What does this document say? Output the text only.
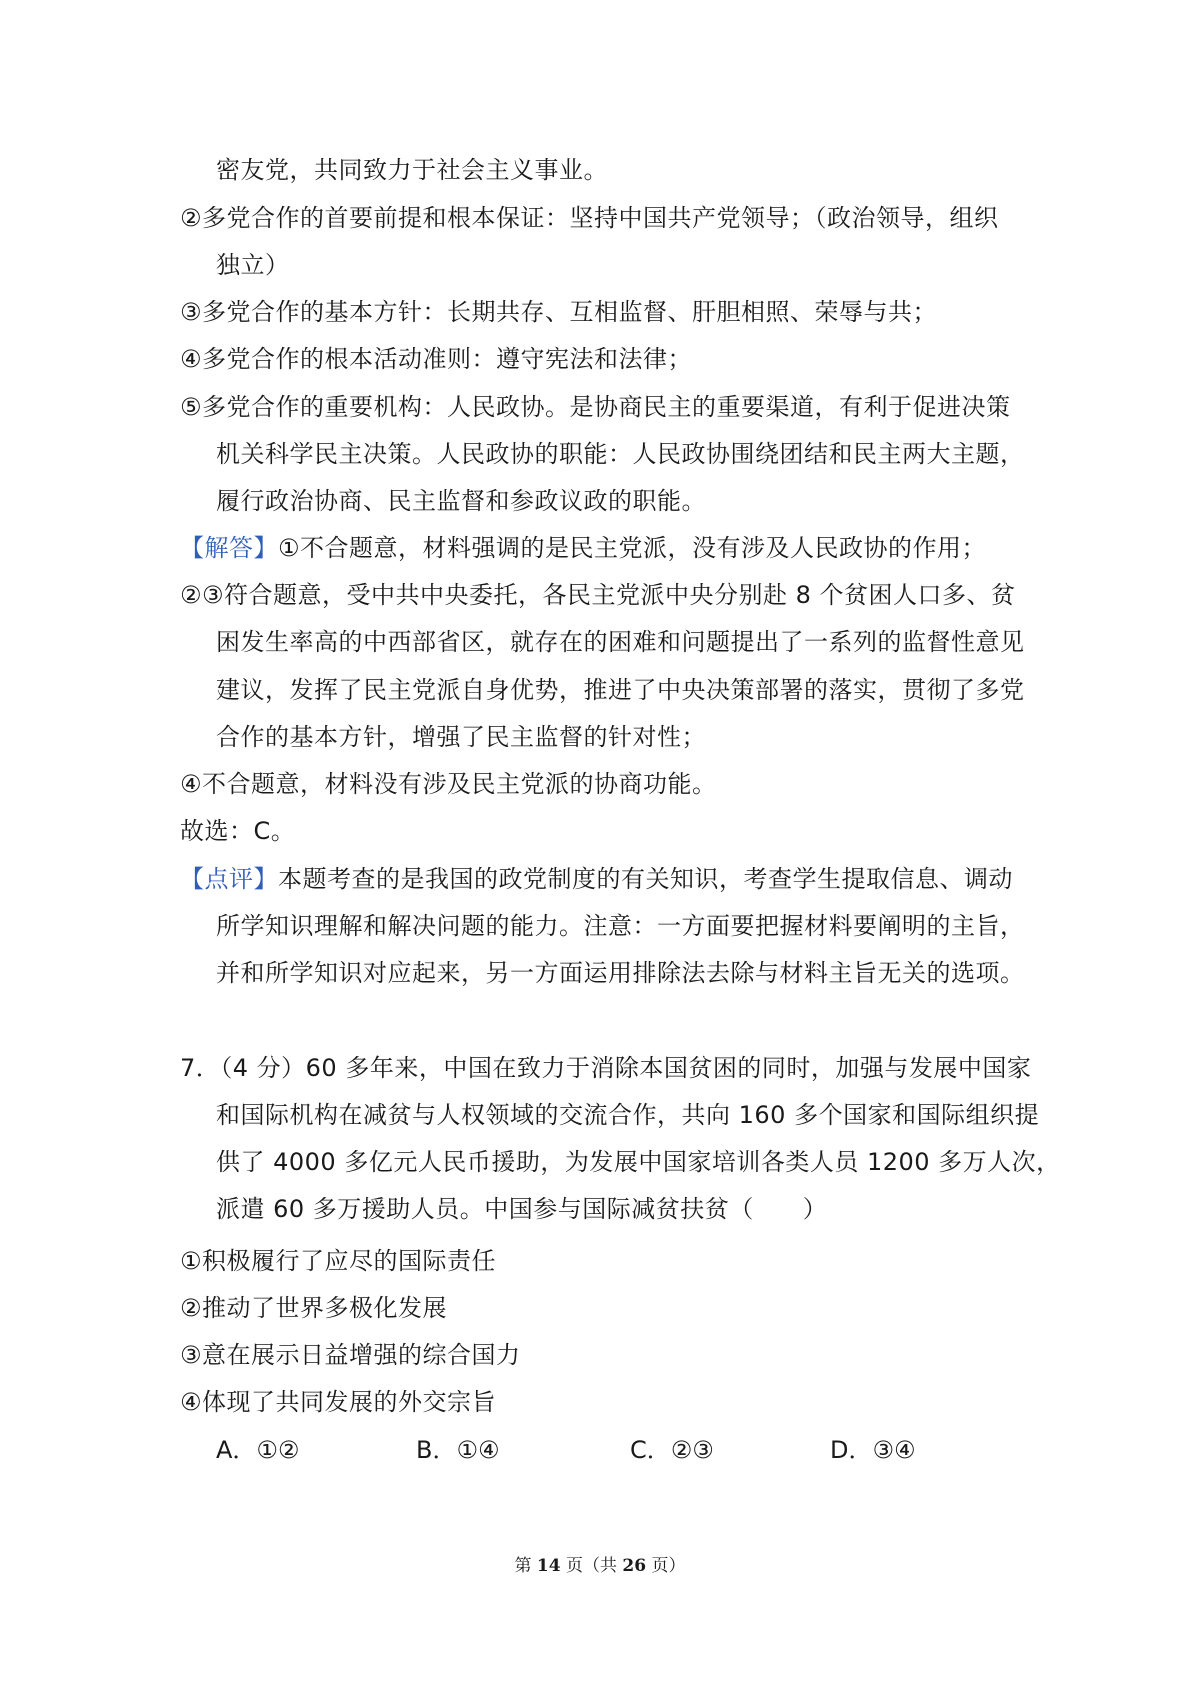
密友党，共同致力于社会主义事业。
②多党合作的首要前提和根本保证：坚持中国共产党领导；（政治领导，组织
独立）
③多党合作的基本方针：长期共存、互相监督、肝胆相照、荣辱与共；
④多党合作的根本活动准则：遵守宪法和法律；
⑤多党合作的重要机构：人民政协。是协商民主的重要渠道，有利于促进决策
机关科学民主决策。人民政协的职能：人民政协围绕团结和民主两大主题，
履行政治协商、民主监督和参政议政的职能。
【解答】①不合题意，材料强调的是民主党派，没有涉及人民政协的作用；
②③符合题意，受中共中央委托，各民主党派中央分别赴 8 个贫困人口多、贫
困发生率高的中西部省区，就存在的困难和问题提出了一系列的监督性意见
建议，发挥了民主党派自身优势，推进了中央决策部署的落实，贯彻了多党
合作的基本方针，增强了民主监督的针对性；
④不合题意，材料没有涉及民主党派的协商功能。
故选：C。
【点评】本题考查的是我国的政党制度的有关知识，考查学生提取信息、调动
所学知识理解和解决问题的能力。注意：一方面要把握材料要阐明的主旨，
并和所学知识对应起来，另一方面运用排除法去除与材料主旨无关的选项。
7．（4 分）60 多年来，中国在致力于消除本国贫困的同时，加强与发展中国家
和国际机构在减贫与人权领域的交流合作，共向 160 多个国家和国际组织提
供了 4000 多亿元人民币援助，为发展中国家培训各类人员 1200 多万人次，
派遣 60 多万援助人员。中国参与国际减贫扶贫（　　）
①积极履行了应尽的国际责任
②推动了世界多极化发展
③意在展示日益增强的综合国力
④体现了共同发展的外交宗旨
A．①②	B．①④	C．②③	D．③④
第 14 页（共 26 页）
